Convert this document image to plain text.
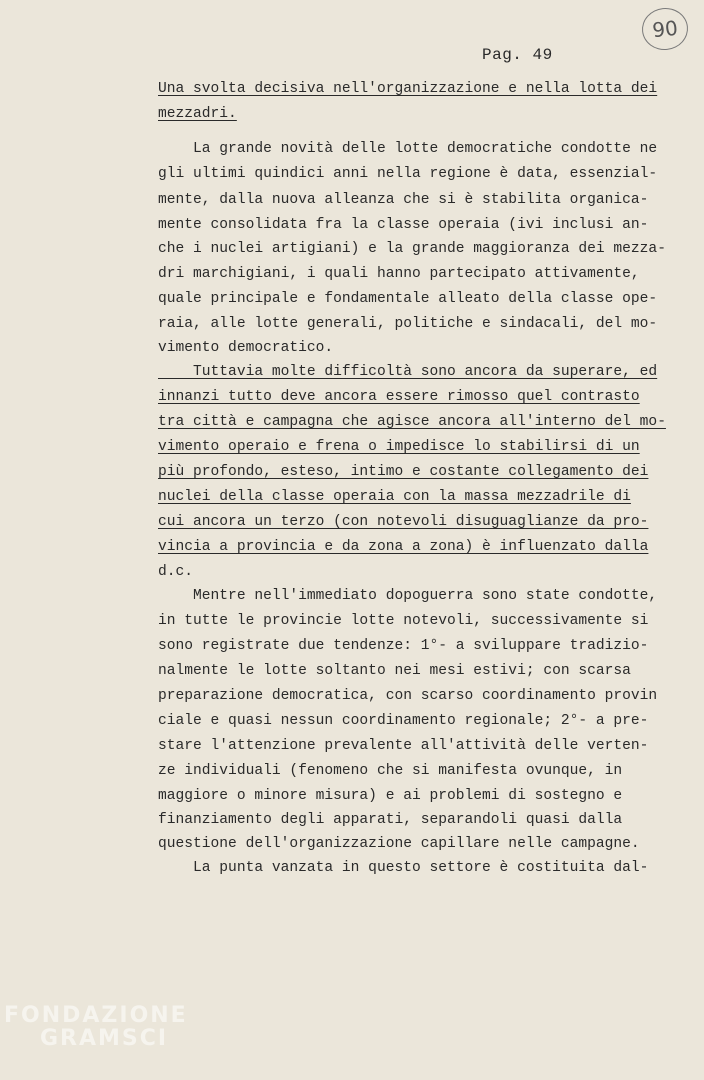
90
Pag. 49
Una svolta decisiva nell'organizzazione e nella lotta dei
mezzadri.
La grande novità delle lotte democratiche condotte ne
gli ultimi quindici anni nella regione è data, essenzial-
mente, dalla nuova alleanza che si è stabilita organica-
mente consolidata fra la classe operaia (ivi inclusi an-
che i nuclei artigiani) e la grande maggioranza dei mezza-
dri marchigiani, i quali hanno partecipato attivamente,
quale principale e fondamentale alleato della classe ope-
raia, alle lotte generali, politiche e sindacali, del mo-
vimento democratico.
Tuttavia molte difficoltà sono ancora da superare, ed
innanzi tutto deve ancora essere rimosso quel contrasto
tra città e campagna che agisce ancora all'interno del mo-
vimento operaio e frena o impedisce lo stabilirsi di un
più profondo, esteso, intimo e costante collegamento dei
nuclei della classe operaia con la massa mezzadrile di
cui ancora un terzo (con notevoli disuguaglianze da pro-
vincia a provincia e da zona a zona) è influenzato dalla
d.c.
Mentre nell'immediato dopoguerra sono state condotte,
in tutte le provincie lotte notevoli, successivamente si
sono registrate due tendenze: 1°- a sviluppare tradizio-
nalmente le lotte soltanto nei mesi estivi; con scarsa
preparazione democratica, con scarso coordinamento provin
ciale e quasi nessun coordinamento regionale; 2°- a pre-
stare l'attenzione prevalente all'attività delle verten-
ze individuali (fenomeno che si manifesta ovunque, in
maggiore o minore misura) e ai problemi di sostegno e
finanziamento degli apparati, separandoli quasi dalla
questione dell'organizzazione capillare nelle campagne.
La punta vanzata in questo settore è costituita dal-
FONDAZIONE
GRAMSCI
